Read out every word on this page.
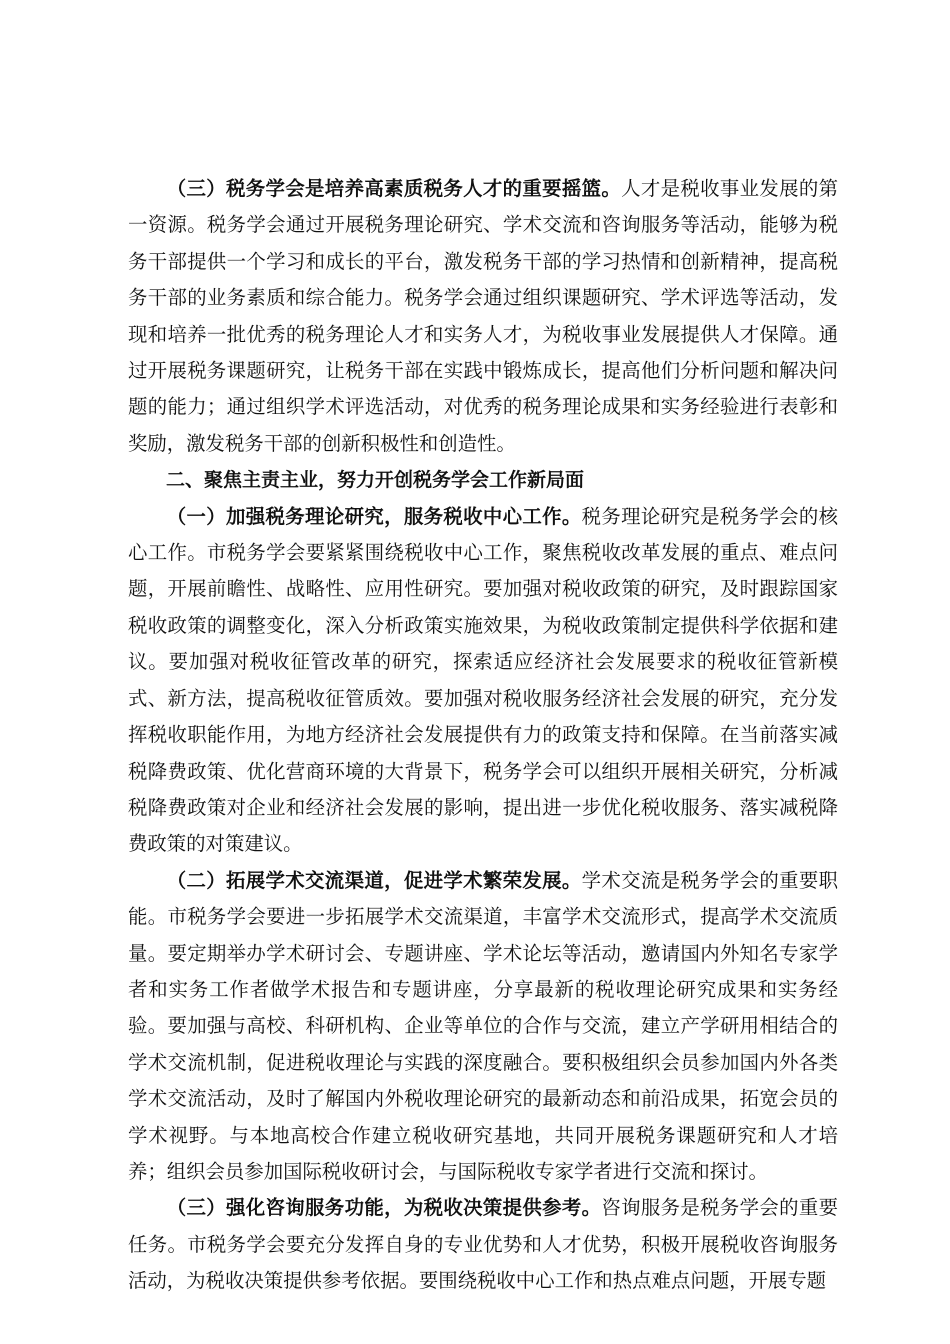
（三）税务学会是培养高素质税务人才的重要摇篮。人才是税收事业发展的第一资源。税务学会通过开展税务理论研究、学术交流和咨询服务等活动，能够为税务干部提供一个学习和成长的平台，激发税务干部的学习热情和创新精神，提高税务干部的业务素质和综合能力。税务学会通过组织课题研究、学术评选等活动，发现和培养一批优秀的税务理论人才和实务人才，为税收事业发展提供人才保障。通过开展税务课题研究，让税务干部在实践中锻炼成长，提高他们分析问题和解决问题的能力；通过组织学术评选活动，对优秀的税务理论成果和实务经验进行表彰和奖励，激发税务干部的创新积极性和创造性。

二、聚焦主责主业，努力开创税务学会工作新局面

（一）加强税务理论研究，服务税收中心工作。税务理论研究是税务学会的核心工作。市税务学会要紧紧围绕税收中心工作，聚焦税收改革发展的重点、难点问题，开展前瞻性、战略性、应用性研究。要加强对税收政策的研究，及时跟踪国家税收政策的调整变化，深入分析政策实施效果，为税收政策制定提供科学依据和建议。要加强对税收征管改革的研究，探索适应经济社会发展要求的税收征管新模式、新方法，提高税收征管质效。要加强对税收服务经济社会发展的研究，充分发挥税收职能作用，为地方经济社会发展提供有力的政策支持和保障。在当前落实减税降费政策、优化营商环境的大背景下，税务学会可以组织开展相关研究，分析减税降费政策对企业和经济社会发展的影响，提出进一步优化税收服务、落实减税降费政策的对策建议。

（二）拓展学术交流渠道，促进学术繁荣发展。学术交流是税务学会的重要职能。市税务学会要进一步拓展学术交流渠道，丰富学术交流形式，提高学术交流质量。要定期举办学术研讨会、专题讲座、学术论坛等活动，邀请国内外知名专家学者和实务工作者做学术报告和专题讲座，分享最新的税收理论研究成果和实务经验。要加强与高校、科研机构、企业等单位的合作与交流，建立产学研用相结合的学术交流机制，促进税收理论与实践的深度融合。要积极组织会员参加国内外各类学术交流活动，及时了解国内外税收理论研究的最新动态和前沿成果，拓宽会员的学术视野。与本地高校合作建立税收研究基地，共同开展税务课题研究和人才培养；组织会员参加国际税收研讨会，与国际税收专家学者进行交流和探讨。

（三）强化咨询服务功能，为税收决策提供参考。咨询服务是税务学会的重要任务。市税务学会要充分发挥自身的专业优势和人才优势，积极开展税收咨询服务活动，为税收决策提供参考依据。要围绕税收中心工作和热点难点问题，开展专题
